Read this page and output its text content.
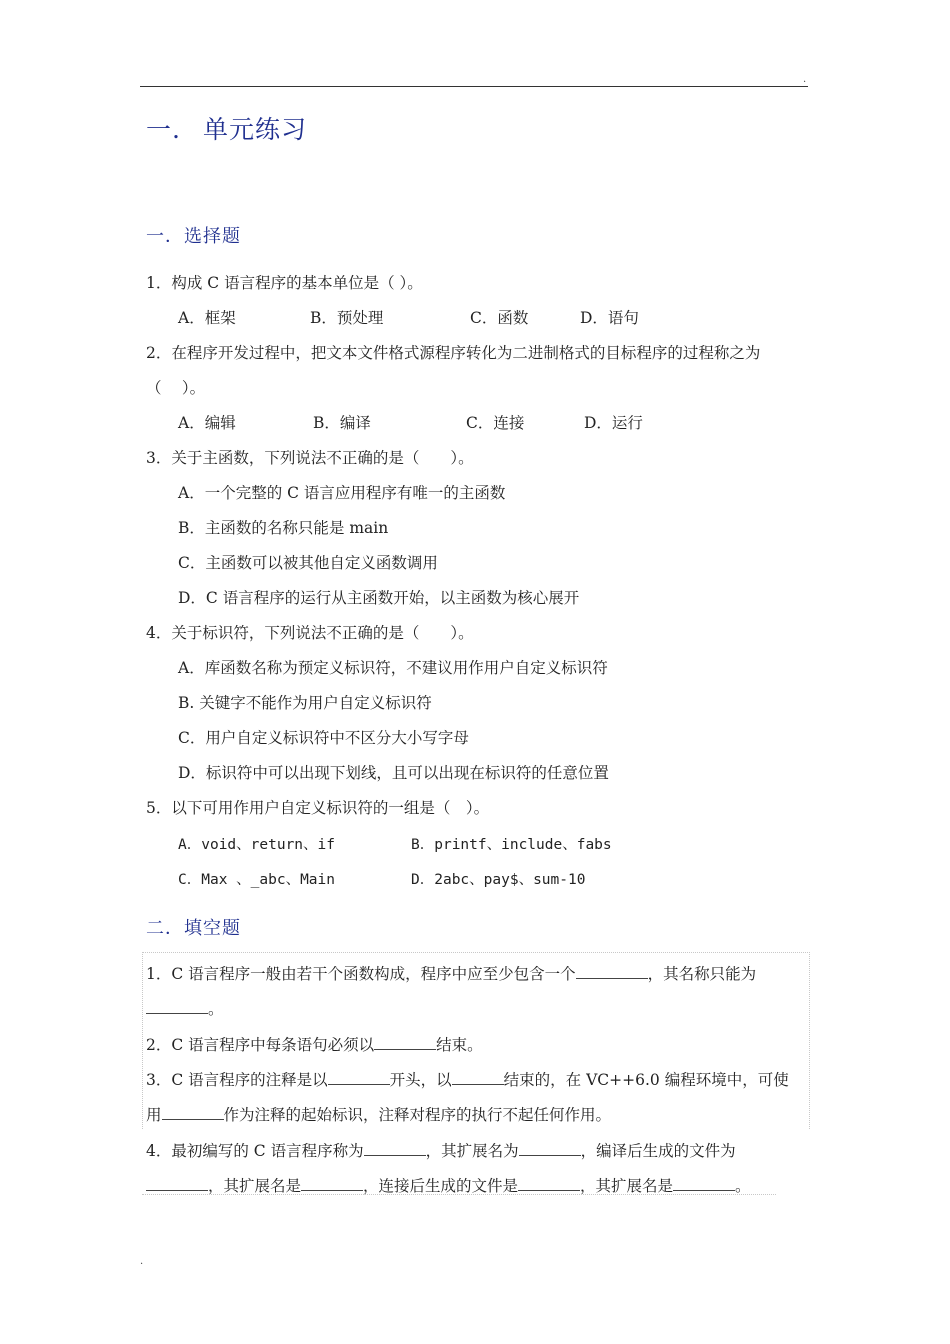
.
一. 单元练习
一．选择题
1．构成 C 语言程序的基本单位是（ ）。
A．框架	B．预处理	C．函数	D．语句
2．在程序开发过程中，把文本文件格式源程序转化为二进制格式的目标程序的过程称之为
（　 ）。
A．编辑	B．编译	C．连接	D．运行
3．关于主函数，下列说法不正确的是（　　）。
A．一个完整的 C 语言应用程序有唯一的主函数
B．主函数的名称只能是 main
C．主函数可以被其他自定义函数调用
D．C 语言程序的运行从主函数开始，以主函数为核心展开
4．关于标识符，下列说法不正确的是（　　）。
A．库函数名称为预定义标识符，不建议用作用户自定义标识符
B. 关键字不能作为用户自定义标识符
C．用户自定义标识符中不区分大小写字母
D．标识符中可以出现下划线，且可以出现在标识符的任意位置
5．以下可用作用户自定义标识符的一组是（　）。
A．void、return、if	B．printf、include、fabs
C．Max 、_abc、Main	D．2abc、pay$、sum-10
二．填空题
1．C 语言程序一般由若干个函数构成，程序中应至少包含一个	，其名称只能为
。
2．C 语言程序中每条语句必须以	结束。
3．C 语言程序的注释是以	开头，以	结束的，在 VC++6.0 编程环境中，可使
用	作为注释的起始标识，注释对程序的执行不起任何作用。
4．最初编写的 C 语言程序称为	，其扩展名为	，编译后生成的文件为
，其扩展名是	，连接后生成的文件是	，其扩展名是	。
.
